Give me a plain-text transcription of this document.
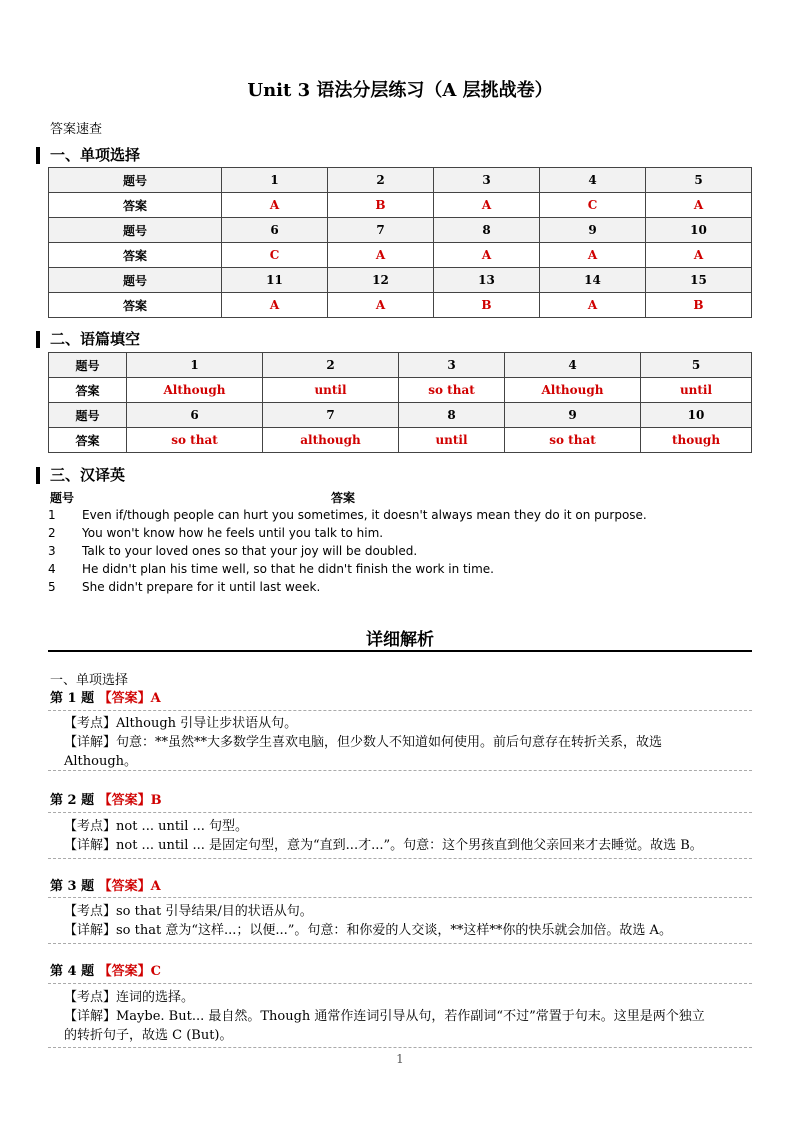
Unit 3 语法分层练习（A 层挑战卷）
答案速查
一、单项选择
题号	1	2	3	4	5
答案	A	B	A	C	A
题号	6	7	8	9	10
答案	C	A	A	A	A
题号	11	12	13	14	15
答案	A	A	B	A	B
二、语篇填空
题号	1	2	3	4	5
答案	Although	until	so that	Although	until
题号	6	7	8	9	10
答案	so that	although	until	so that	though
三、汉译英
题号	答案
1 Even if/though people can hurt you sometimes, it doesn't always mean they do it on purpose.
2 You won't know how he feels until you talk to him.
3 Talk to your loved ones so that your joy will be doubled.
4 He didn't plan his time well, so that he didn't finish the work in time.
5 She didn't prepare for it until last week.
详细解析
一、单项选择
第 1 题 【答案】A
【考点】Although 引导让步状语从句。
【详解】句意：**虽然**大多数学生喜欢电脑，但少数人不知道如何使用。前后句意存在转折关系，故选
Although。
第 2 题 【答案】B
【考点】not ... until ... 句型。
【详解】not ... until ... 是固定句型，意为“直到...才...”。句意：这个男孩直到他父亲回来才去睡觉。故选 B。
第 3 题 【答案】A
【考点】so that 引导结果/目的状语从句。
【详解】so that 意为“这样...；以便...”。句意：和你爱的人交谈，**这样**你的快乐就会加倍。故选 A。
第 4 题 【答案】C
【考点】连词的选择。
【详解】Maybe. But... 最自然。Though 通常作连词引导从句，若作副词“不过”常置于句末。这里是两个独立
的转折句子，故选 C (But)。
1
